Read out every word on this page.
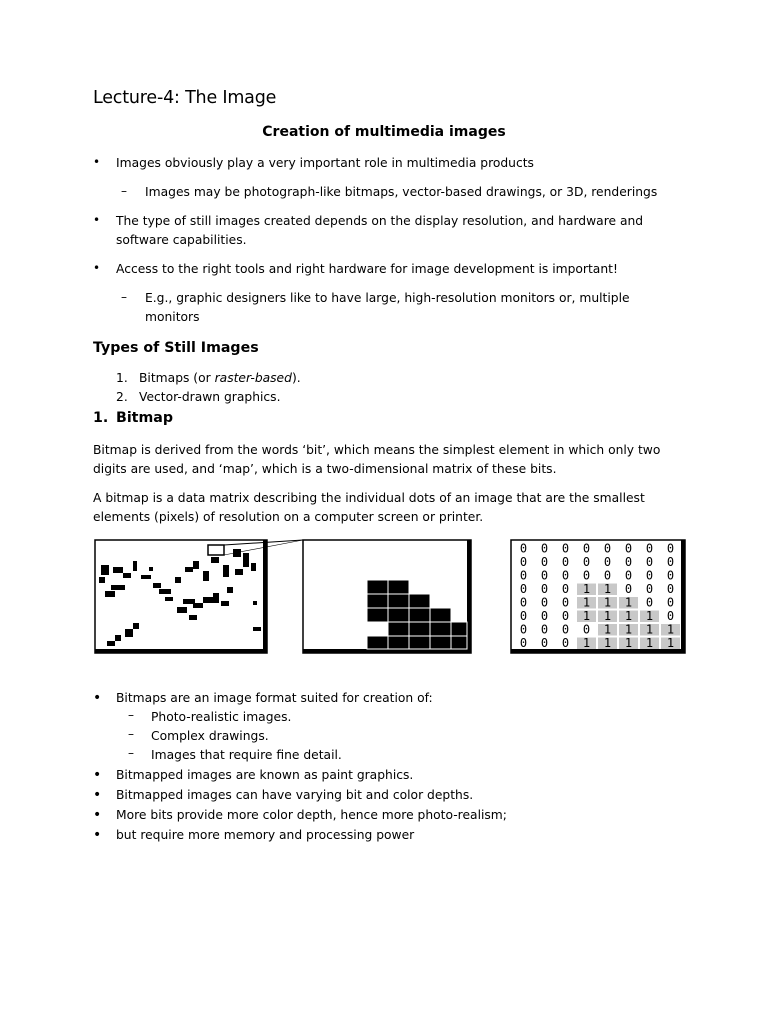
Lecture-4: The Image
Creation of multimedia images
•	Images obviously play a very important role in multimedia products

– Images may be photograph-like bitmaps, vector-based drawings, or 3D, renderings

•	The type of still images created depends on the display resolution, and hardware and

software capabilities.

•	Access to the right tools and right hardware for image development is important!

– E.g., graphic designers like to have large, high-resolution monitors or, multiple

monitors

Types of Still Images
1. Bitmaps (or raster-based).

2. Vector-drawn graphics.

1. Bitmap

Bitmap is derived from the words ‘bit’, which means the simplest element in which only two

digits are used, and ‘map’, which is a two-dimensional matrix of these bits.

A bitmap is a data matrix describing the individual dots of an image that are the smallest

elements (pixels) of resolution on a computer screen or printer.

0 0 0 0 0 0 0 0
0 0 0 0 0 0 0 0
0 0 0 0 0 0 0 0
0 0 0 1 1 0 0 0
0 0 0 1 1 1 0 0
0 0 0 1 1 1 1 0
0 0 0 0 1 1 1 1
0 0 0 1 1 1 1 1
• Bitmaps are an image format suited for creation of:

– Photo-realistic images.

– Complex drawings.

– Images that require fine detail.

• Bitmapped images are known as paint graphics.

• Bitmapped images can have varying bit and color depths.

• More bits provide more color depth, hence more photo-realism;

• but require more memory and processing power
